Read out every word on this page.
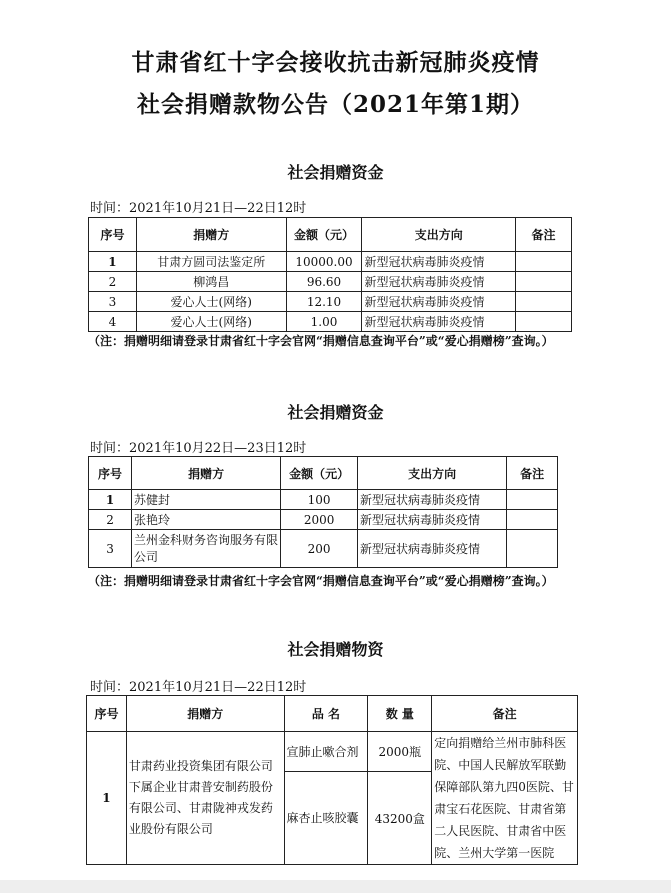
甘肃省红十字会接收抗击新冠肺炎疫情
社会捐赠款物公告（2021年第1期）
社会捐赠资金
时间：2021年10月21日—22日12时
序号	捐赠方	金额（元）	支出方向	备注
1	甘肃方圆司法鉴定所	10000.00	新型冠状病毒肺炎疫情	
2	柳鸿昌	96.60	新型冠状病毒肺炎疫情	
3	爱心人士(网络)	12.10	新型冠状病毒肺炎疫情	
4	爱心人士(网络)	1.00	新型冠状病毒肺炎疫情	
（注：捐赠明细请登录甘肃省红十字会官网“捐赠信息查询平台”或“爱心捐赠榜”查询。）
社会捐赠资金
时间：2021年10月22日—23日12时
序号	捐赠方	金额（元）	支出方向	备注
1	苏健封	100	新型冠状病毒肺炎疫情	
2	张艳玲	2000	新型冠状病毒肺炎疫情	
3	兰州金科财务咨询服务有限公司	200	新型冠状病毒肺炎疫情	
（注：捐赠明细请登录甘肃省红十字会官网“捐赠信息查询平台”或“爱心捐赠榜”查询。）
社会捐赠物资
时间：2021年10月21日—22日12时
序号	捐赠方	品 名	数 量	备注
1	甘肃药业投资集团有限公司下属企业甘肃普安制药股份有限公司、甘肃陇神戎发药业股份有限公司	宣肺止嗽合剂	2000瓶	定向捐赠给兰州市肺科医院、中国人民解放军联勤保障部队第九四0医院、甘肃宝石花医院、甘肃省第二人民医院、甘肃省中医院、兰州大学第一医院
		麻杏止咳胶囊	43200盒	
